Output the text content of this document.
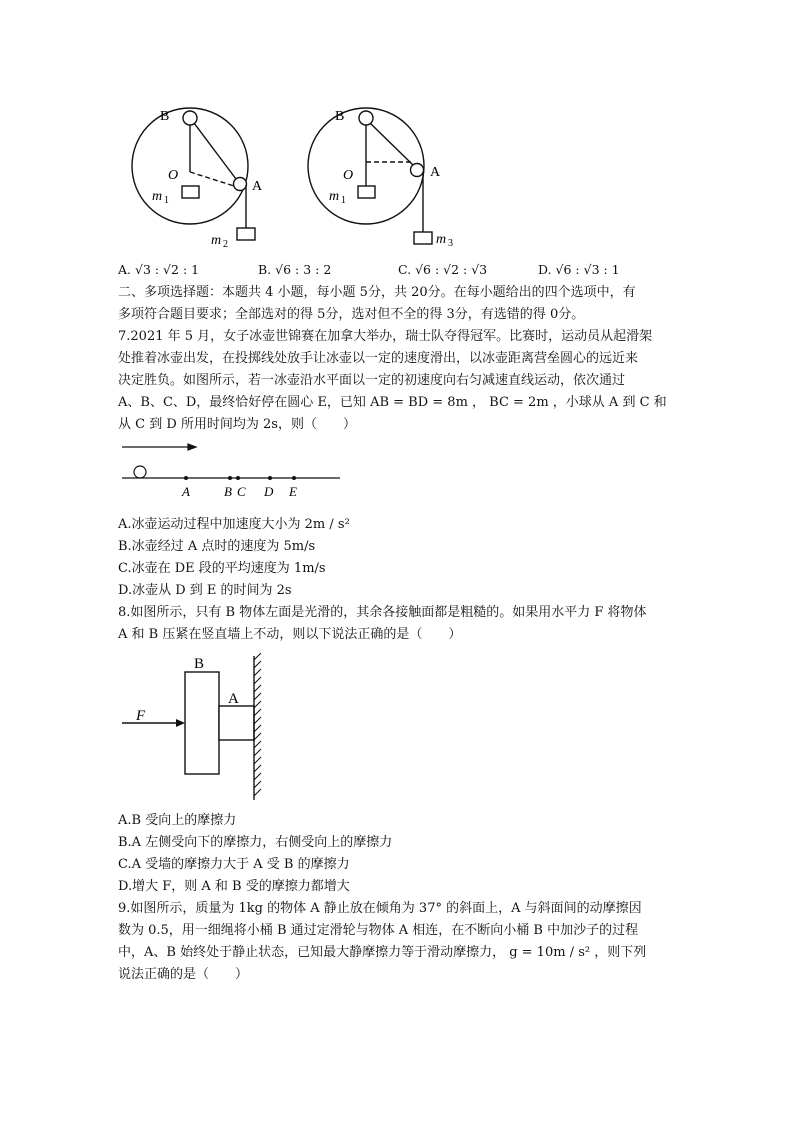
B
O
A
m 1
m 2
B
O	A
m 1
m 3
A. √3 : √2 : 1	B. √6 : 3 : 2	C. √6 : √2 : √3	D. √6 : √3 : 1
二、多项选择题：本题共 4 小题，每小题 5分，共 20分。在每小题给出的四个选项中，有
多项符合题目要求；全部选对的得 5分，选对但不全的得 3分，有选错的得 0分。
7.2021 年 5 月，女子冰壶世锦赛在加拿大举办，瑞士队夺得冠军。比赛时，运动员从起滑架
处推着冰壶出发，在投掷线处放手让冰壶以一定的速度滑出，以冰壶距离营垒圆心的远近来
决定胜负。如图所示，若一冰壶沿水平面以一定的初速度向右匀减速直线运动，依次通过
A、B、C、D，最终恰好停在圆心 E，已知 AB = BD = 8m ， BC = 2m ，小球从 A 到 C 和
从 C 到 D 所用时间均为 2s，则（　　）
A	B C D E
A.冰壶运动过程中加速度大小为 2m / s²
B.冰壶经过 A 点时的速度为 5m/s
C.冰壶在 DE 段的平均速度为 1m/s
D.冰壶从 D 到 E 的时间为 2s
8.如图所示，只有 B 物体左面是光滑的，其余各接触面都是粗糙的。如果用水平力 F 将物体
A 和 B 压紧在竖直墙上不动，则以下说法正确的是（　　）
B
A
F
A.B 受向上的摩擦力
B.A 左侧受向下的摩擦力，右侧受向上的摩擦力
C.A 受墙的摩擦力大于 A 受 B 的摩擦力
D.增大 F，则 A 和 B 受的摩擦力都增大
9.如图所示，质量为 1kg 的物体 A 静止放在倾角为 37° 的斜面上，A 与斜面间的动摩擦因
数为 0.5，用一细绳将小桶 B 通过定滑轮与物体 A 相连，在不断向小桶 B 中加沙子的过程
中，A、B 始终处于静止状态，已知最大静摩擦力等于滑动摩擦力， g = 10m / s² ，则下列
说法正确的是（　　）
